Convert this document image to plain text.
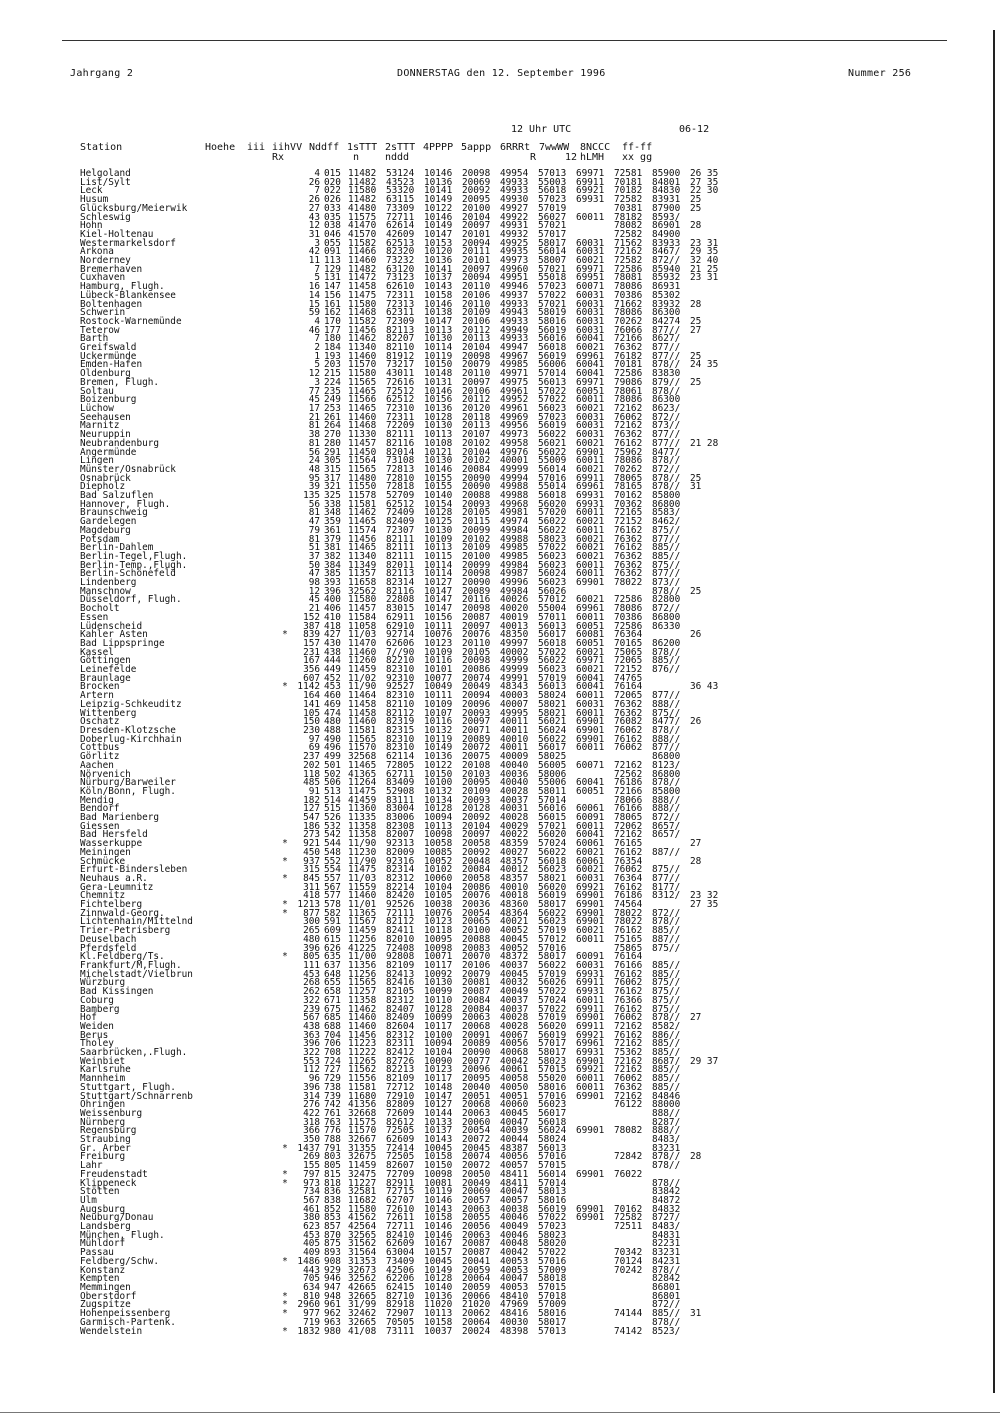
Jahrgang 2	DONNERSTAG den 12. September 1996	Nummer 256
12 Uhr UTC	06-12
Station	Hoehe iii iihVV
Rx
Nddff 1sTTT
n
2sTTT
nddd
4PPPP 5appp 6RRRt
R
7wwWW
12
8NCCC
hLMH
ff-ff
xx gg
Helgoland		4	015	11482	53124	10146	20098	49954	57013	69971	72581	85900	26 35
List/Sylt		26	020	11482	43523	10136	20069	49933	55003	69911	70181	84801	27 35
Leck		7	022	11580	53320	10141	20092	49933	56018	69921	70182	84830	22 30
Husum		26	026	11482	63115	10149	20095	49930	57023	69931	72582	83931	25
Glücksburg/Meierwik		27	033	41480	73309	10122	20100	49927	57019		70381	87900	25
Schleswig		43	035	11575	72711	10146	20104	49922	56027	60011	78182	8593/	
Hohn		12	038	41470	62614	10149	20097	49931	57021		78082	86901	28
Kiel-Holtenau		31	046	41570	42609	10147	20101	49932	57017		72582	84900	
Westermarkelsdorf		3	055	11582	62513	10153	20094	49925	58017	60031	71562	83933	23 31
Arkona		42	091	11466	82320	10120	20111	49935	56014	60031	72162	8467/	29 35
Norderney		11	113	11460	73232	10136	20101	49973	58007	60021	72582	872//	32 40
Bremerhaven		7	129	11482	63120	10141	20097	49960	57021	69971	72586	85940	21 25
Cuxhaven		5	131	11472	73123	10137	20094	49951	55018	69951	78081	85932	23 31
Hamburg, Flugh.		16	147	11458	62610	10143	20110	49946	57023	60071	78086	86931	
Lübeck-Blankensee		14	156	11475	72311	10158	20106	49937	57022	60031	70386	85302	
Boltenhagen		15	161	11580	72313	10146	20110	49933	57021	60031	71662	83932	28
Schwerin		59	162	11468	62311	10138	20109	49943	58019	60031	78086	86300	
Rostock-Warnemünde		4	170	11582	72309	10147	20106	49933	58016	60031	70262	84274	25
Teterow		46	177	11456	82113	10113	20112	49949	56019	60031	76066	877//	27
Barth		7	180	11462	82207	10130	20113	49933	56016	60041	72166	8627/	
Greifswald		2	184	11340	82110	10114	20104	49947	56018	60021	76362	877//	
Uckermünde		1	193	11460	81912	10119	20098	49967	56019	69961	76182	877//	25
Emden-Hafen		5	203	11570	73217	10150	20079	49985	56006	60041	70181	878//	24 35
Oldenburg		12	215	11580	43011	10148	20110	49971	57014	60041	72586	83830	
Bremen, Flugh.		3	224	11565	72616	10131	20097	49975	56013	69971	79086	879//	25
Soltau		77	235	11465	72512	10146	20106	49961	57022	60051	78061	878//	
Boizenburg		45	249	11566	62512	10156	20112	49952	57022	60011	78086	86300	
Lüchow		17	253	11465	72310	10136	20120	49961	56023	60021	72162	8623/	
Seehausen		21	261	11460	72311	10128	20118	49969	57023	60031	76062	872//	
Marnitz		81	264	11468	72209	10130	20113	49956	56019	60031	72162	873//	
Neuruppin		38	270	11330	82111	10113	20107	49973	56022	60031	76362	877//	
Neubrandenburg		81	280	11457	82116	10108	20102	49958	56021	60021	76162	877//	21 28
Angermünde		56	291	11450	82014	10121	20104	49976	56022	69901	75962	8477/	
Lingen		24	305	11564	73108	10130	20102	40001	55009	60011	78086	878//	
Münster/Osnabrück		48	315	11565	72813	10146	20084	49999	56014	60021	70262	872//	
Osnabrück		95	317	11480	72810	10155	20090	49994	57016	69911	78065	878//	25
Diepholz		39	321	11550	72818	10155	20090	49988	55014	69961	78165	878//	31
Bad Salzuflen		135	325	11578	52709	10140	20088	49988	56018	69931	70162	85800	
Hannover, Flugh.		56	338	11581	62512	10154	20093	49968	56020	69931	70362	86800	
Braunschweig		81	348	11462	72409	10128	20105	49981	57020	60011	72165	8583/	
Gardelegen		47	359	11465	82409	10125	20115	49974	56022	60021	72152	8462/	
Magdeburg		79	361	11574	72307	10130	20099	49984	56022	60011	76162	875//	
Potsdam		81	379	11456	82111	10109	20102	49988	58023	60021	76362	877//	
Berlin-Dahlem		51	381	11465	82111	10113	20109	49985	57022	60021	76162	885//	
Berlin-Tegel,Flugh.		37	382	11340	82111	10115	20100	49985	56023	60021	76362	885//	
Berlin-Temp.,Flugh.		50	384	11349	82011	10114	20099	49984	56023	60011	76362	875//	
Berlin-Schönefeld		47	385	11357	82113	10114	20098	49987	56024	60011	76362	877//	
Lindenberg		98	393	11658	82314	10127	20090	49996	56023	69901	78022	873//	
Manschnow		12	396	32562	82116	10147	20089	49984	56026			878//	25
Düsseldorf, Flugh.		45	400	11580	22808	10147	20116	40026	57012	60021	72586	82800	
Bocholt		21	406	11457	83015	10147	20098	40020	55004	69961	78086	872//	
Essen		152	410	11584	62911	10156	20087	40019	57011	60011	70386	86800	
Lüdenscheid		387	418	11058	62910	10111	20097	40013	56013	60051	72586	86330	
Kahler Asten	*	839	427	11/03	92714	10076	20076	48350	56017	60081	76364		26
Bad Lippspringe		157	430	11470	62606	10123	20110	49997	56018	60051	70165	86200	
Kassel		231	438	11460	7//90	10109	20105	40002	57022	60021	75065	878//	
Göttingen		167	444	11260	82210	10116	20098	49999	56022	69971	72065	885//	
Leinefelde		356	449	11459	82310	10101	20086	49999	56023	60021	72152	876//	
Braunlage		607	452	11/02	92310	10077	20074	49991	57019	60041	74765		
Brocken	*	1142	453	11/90	92527	10049	20049	48343	56013	60041	76164		36 43
Artern		164	460	11464	82310	10111	20094	40003	58024	60011	72065	877//	
Leipzig-Schkeuditz		141	469	11458	82110	10109	20096	40007	58021	60031	76362	888//	
Wittenberg		105	474	11458	82112	10107	20093	49995	58021	60011	76362	875//	
Oschatz		150	480	11460	82319	10116	20097	40011	56021	69901	76082	8477/	26
Dresden-Klotzsche		230	488	11581	82315	10132	20071	40011	56024	69901	76062	878//	
Doberlug-Kirchhain		97	490	11565	82310	10119	20089	40010	56022	69901	76162	888//	
Cottbus		69	496	11570	82310	10149	20072	40011	56017	60011	76062	877//	
Görlitz		237	499	32568	62114	10136	20075	40009	58025			86800	
Aachen		202	501	11465	72805	10122	20108	40040	56005	60071	72162	8123/	
Nörvenich		118	502	41365	62711	10150	20103	40036	58006		72562	86800	
Nürburg/Barweiler		485	506	11264	83409	10100	20095	40040	55006	60041	76186	878//	
Köln/Bonn, Flugh.		91	513	11475	52908	10132	20109	40028	58011	60051	72166	85800	
Mendig		182	514	41459	83111	10134	20093	40037	57014		78066	888//	
Bendorf		127	515	11360	83004	10128	20128	40031	56016	60061	76166	888//	
Bad Marienberg		547	526	11335	83006	10094	20092	40028	56015	60091	78065	872//	
Giessen		186	532	11358	82308	10113	20104	40029	57021	60011	72062	8657/	
Bad Hersfeld		273	542	11358	82007	10098	20097	40022	56020	60041	72162	8657/	
Wasserkuppe	*	921	544	11/90	92313	10058	20058	48359	57024	60061	76165		27
Meiningen		450	548	11230	82009	10085	20092	40027	56022	60021	76162	887//	
Schmücke	*	937	552	11/90	92316	10052	20048	48357	56018	60061	76354		28
Erfurt-Bindersleben		315	554	11475	82314	10102	20084	40012	56023	60021	76062	875//	
Neuhaus a.R.	*	845	557	11/03	82312	10060	20058	48357	58021	60031	76364	877//	
Gera-Leumnitz		311	567	11559	82214	10104	20086	40010	56020	69921	76162	8177/	
Chemnitz		418	577	11460	82420	10105	20076	40018	56019	69901	76186	8312/	23 32
Fichtelberg	*	1213	578	11/01	92526	10038	20036	48360	58017	69901	74564		27 35
Zinnwald-Georg.	*	877	582	11365	72111	10076	20054	48364	56022	69901	78022	872//	
Lichtenhain/Mittelnd		300	591	11567	82112	10123	20065	40021	56023	69901	78022	878//	
Trier-Petrisberg		265	609	11459	82411	10118	20100	40052	57019	60021	76162	885//	
Deuselbach		480	615	11256	82010	10095	20088	40045	57012	60011	75165	887//	
Pferdsfeld		396	626	41225	72408	10098	20083	40052	57016		75865	875//	
Kl.Feldberg/Ts.	*	805	635	11/00	92808	10071	20070	48372	58017	60091	76164		
Frankfurt/M,Flugh.		111	637	11356	82109	10117	20106	40037	56022	60031	76166	885//	
Michelstadt/Vielbrun		453	648	11256	82413	10092	20079	40045	57019	69931	76162	885//	
Würzburg		268	655	11565	82416	10130	20081	40032	56026	69911	76062	875//	
Bad Kissingen		262	658	11257	82105	10099	20087	40049	57022	69931	76162	875//	
Coburg		322	671	11358	82312	10110	20084	40037	57024	60011	76366	875//	
Bamberg		239	675	11462	82407	10128	20084	40037	57022	69911	76162	875//	
Hof		567	685	11460	82409	10099	20063	40028	57019	69901	76062	878//	27
Weiden		438	688	11460	82604	10117	20068	40028	56020	69911	72162	8582/	
Berus		363	704	11456	82312	10100	20091	40067	56019	69921	76162	886//	
Tholey		396	706	11223	82311	10094	20089	40056	57017	69961	72162	885//	
Saarbrücken,.Flugh.		322	708	11222	82412	10104	20090	40068	58017	69931	75362	885//	
Weinbiet		553	724	11265	82726	10090	20077	40042	58023	69901	72162	8687/	29 37
Karlsruhe		112	727	11562	82213	10123	20096	40061	57015	69921	72162	885//	
Mannheim		96	729	11556	82109	10117	20095	40058	55020	60011	76062	885//	
Stuttgart, Flugh.		396	738	11581	72712	10148	20040	40050	58016	60011	76362	885//	
Stuttgart/Schnarrenb		314	739	11680	72910	10147	20051	40051	57016	69901	72162	84846	
Öhringen		276	742	41356	82809	10127	20068	40060	56023		76122	88000	
Weissenburg		422	761	32668	72609	10144	20063	40045	56017			888//	
Nürnberg		318	763	11575	82612	10133	20060	40047	56018			8287/	
Regensburg		366	776	11570	72505	10137	20054	40039	56024	69901	78082	888//	
Straubing		350	788	32667	62609	10143	20072	40044	58024			8483/	
Gr. Arber	*	1437	791	31355	72414	10045	20045	48387	56013			83231	
Freiburg		269	803	32675	72505	10158	20074	40056	57016		72842	878//	28
Lahr		155	805	11459	82607	10150	20072	40057	57015			878//	
Freudenstadt	*	797	815	32475	72709	10098	20050	48411	56014	69901	76022		
Klippeneck	*	973	818	11227	82911	10081	20049	48411	57014			878//	
Stötten		734	836	32581	72715	10119	20069	40047	58013			83842	
Ulm		567	838	11682	62707	10146	20057	40057	58016			84872	
Augsburg		461	852	11580	72610	10143	20063	40038	56019	69901	70162	84832	
Neuburg/Donau		380	853	41562	72611	10158	20055	40046	57022	69901	72582	8727/	
Landsberg		623	857	42564	72711	10146	20056	40049	57023		72511	8483/	
München, Flugh.		453	870	32565	82410	10146	20063	40046	58023			84831	
Mühldorf		405	875	31562	62609	10167	20087	40048	58020			82231	
Passau		409	893	31564	63004	10157	20087	40042	57022		70342	83231	
Feldberg/Schw.	*	1486	908	31353	73409	10045	20041	40053	57016		70124	84231	
Konstanz		443	929	32673	42506	10149	20059	40053	57009		70242	878//	
Kempten		705	946	32562	62206	10128	20064	40047	58018			82842	
Memmingen		634	947	42665	62415	10140	20059	40053	57015			86801	
Oberstdorf	*	810	948	32665	82710	10136	20066	48410	57018			86801	
Zugspitze	*	2960	961	31/99	82918	11020	21020	47969	57009			872//	
Hohenpeissenberg	*	977	962	32462	72907	10113	20062	48416	58016		74144	885//	31
Garmisch-Partenk.		719	963	32665	70505	10158	20064	40030	58017			878//	
Wendelstein	*	1832	980	41/08	73111	10037	20024	48398	57013		74142	8523/	
